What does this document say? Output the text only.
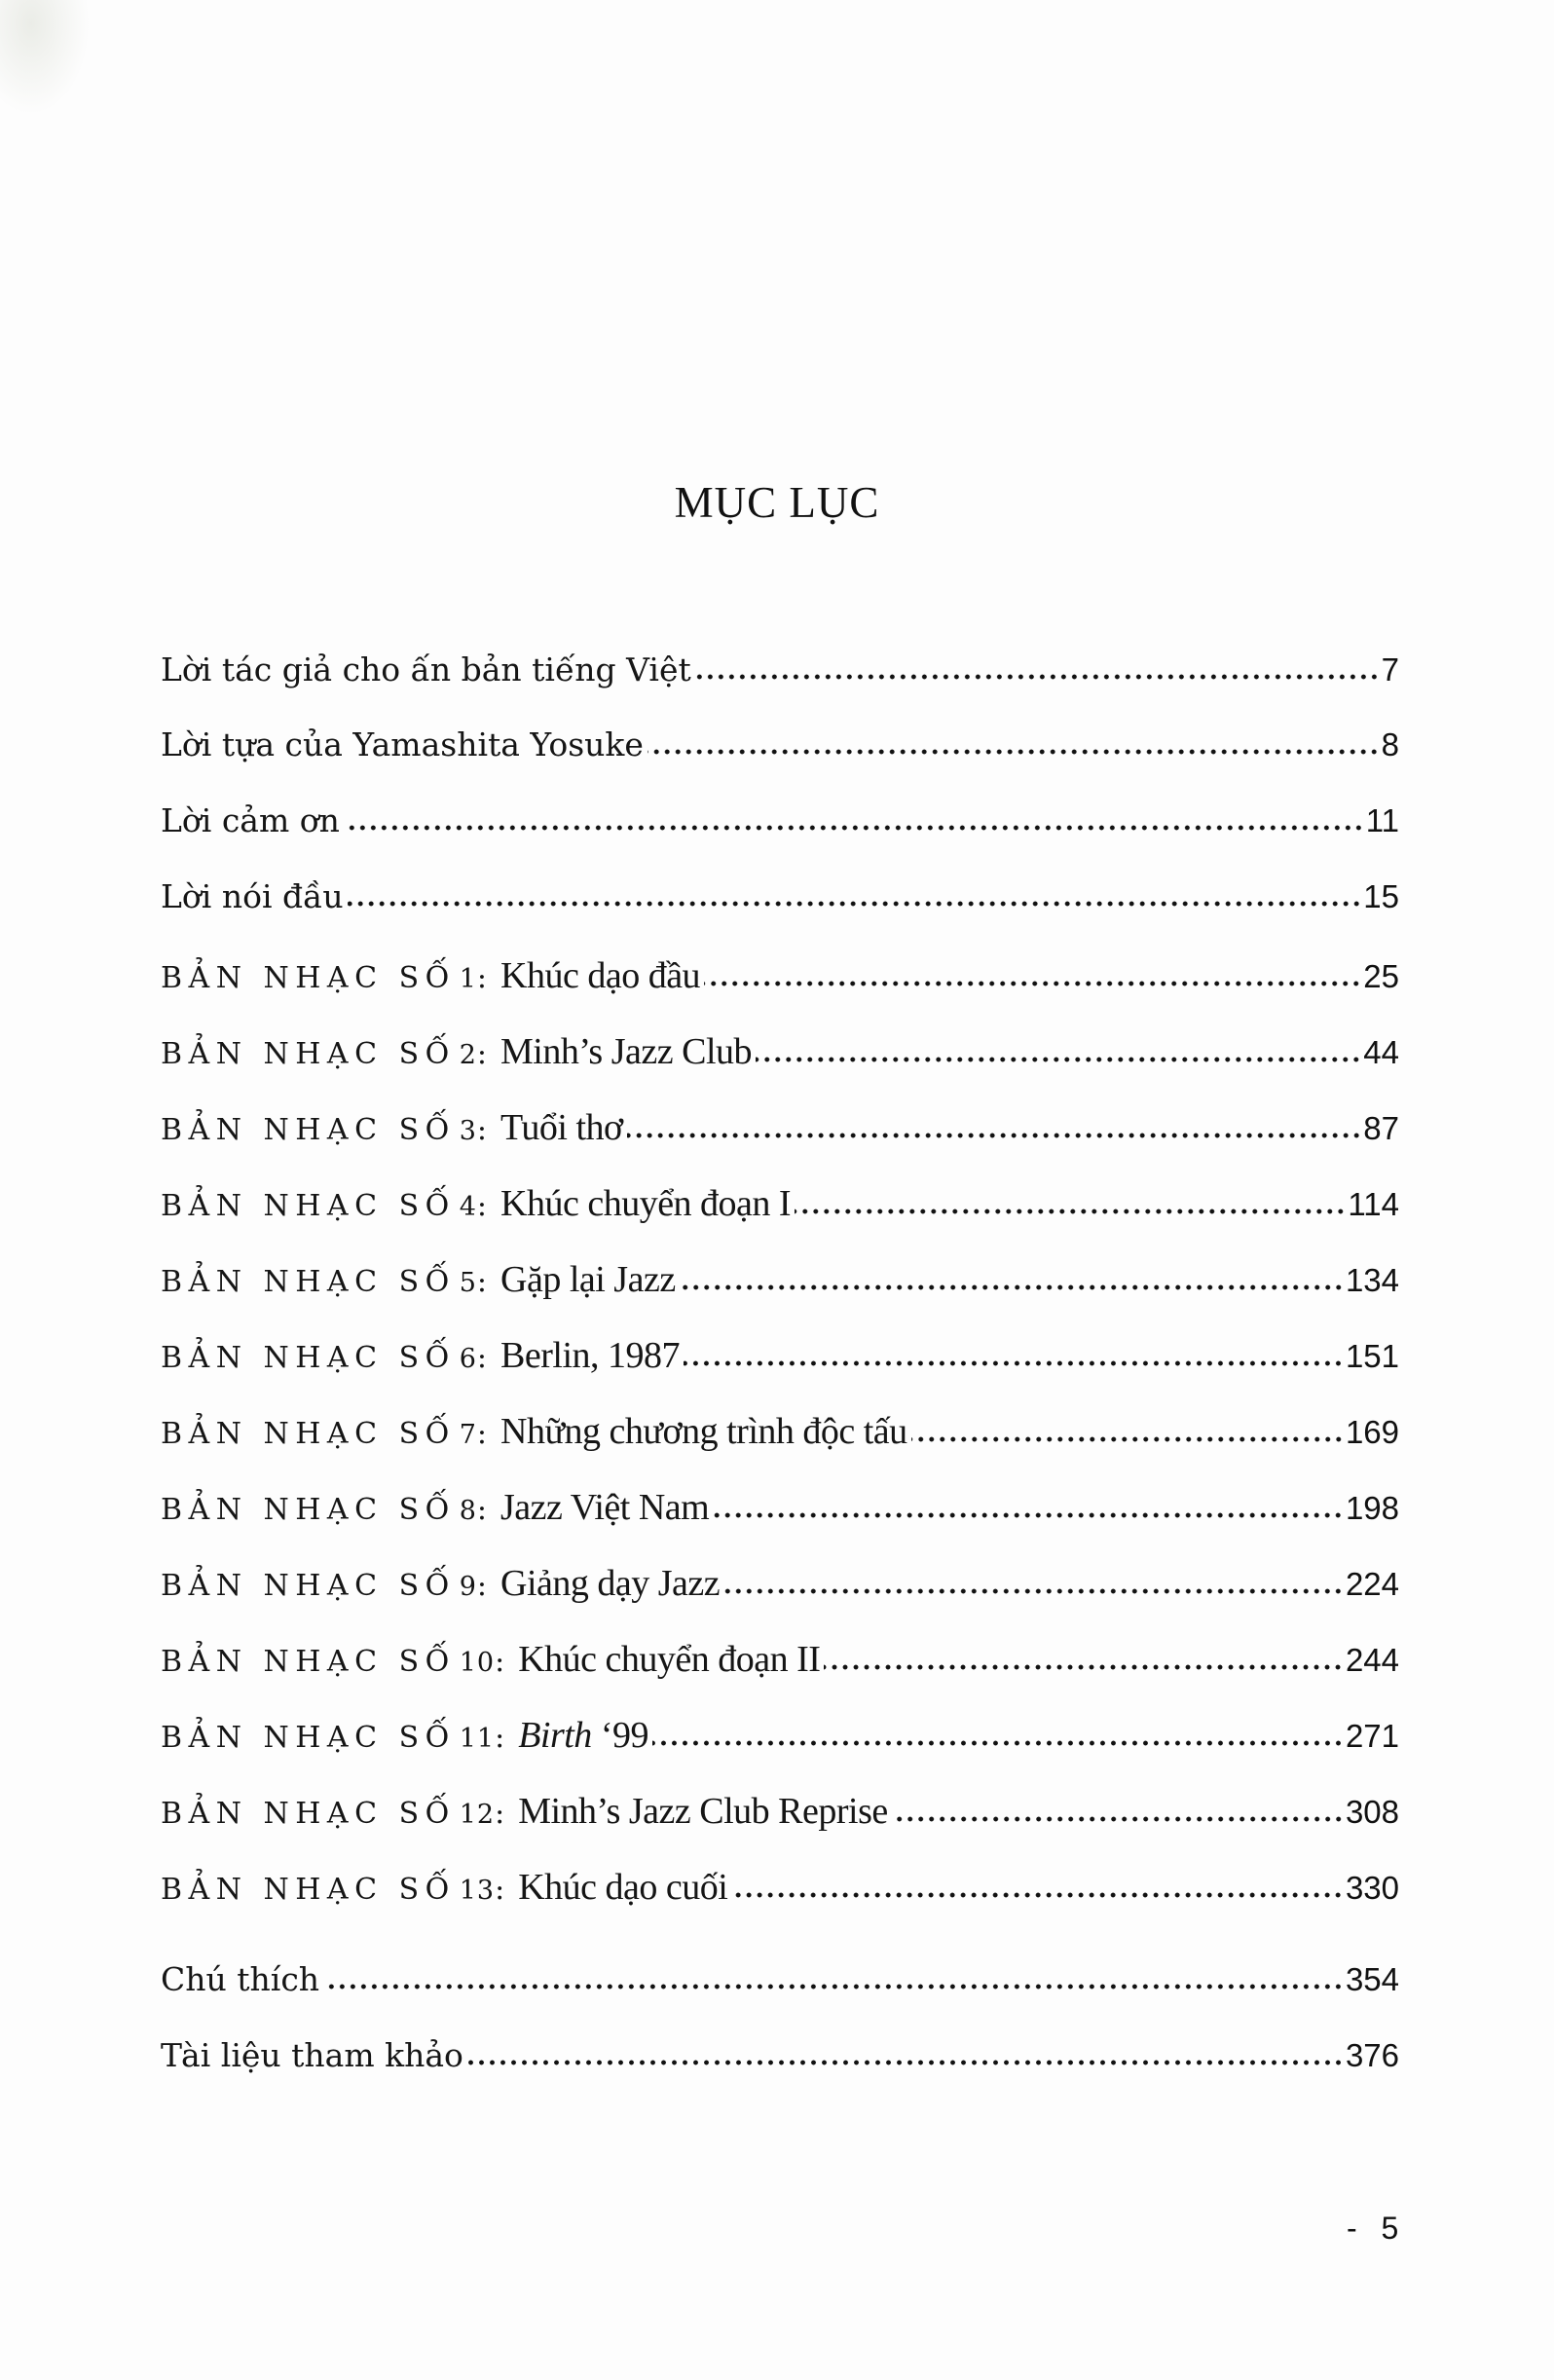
MỤC LỤC
Lời tác giả cho ấn bản tiếng Việt	7
Lời tựa của Yamashita Yosuke	8
Lời cảm ơn	11
Lời nói đầu	15
BẢN NHẠC SỐ 1 : Khúc dạo đầu	25
BẢN NHẠC SỐ 2 : Minh’s Jazz Club	44
BẢN NHẠC SỐ 3 : Tuổi thơ	87
BẢN NHẠC SỐ 4 : Khúc chuyển đoạn I	114
BẢN NHẠC SỐ 5 : Gặp lại Jazz	134
BẢN NHẠC SỐ 6 : Berlin, 1987	151
BẢN NHẠC SỐ 7 : Những chương trình độc tấu	169
BẢN NHẠC SỐ 8 : Jazz Việt Nam	198
BẢN NHẠC SỐ 9 : Giảng dạy Jazz	224
BẢN NHẠC SỐ 10 : Khúc chuyển đoạn II	244
BẢN NHẠC SỐ 11 : Birth ‘99	271
BẢN NHẠC SỐ 12 : Minh’s Jazz Club Reprise	308
BẢN NHẠC SỐ 13 : Khúc dạo cuối	330
Chú thích	354
Tài liệu tham khảo	376
- 5
